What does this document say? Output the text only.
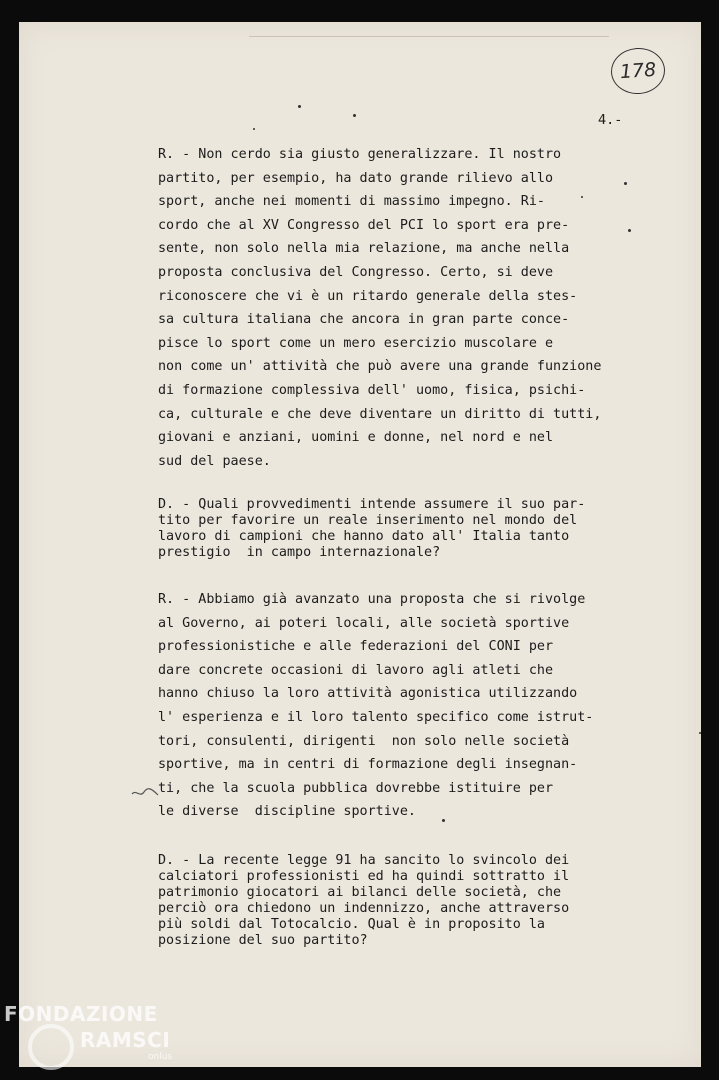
178
4.-

R. - Non cerdo sia giusto generalizzare. Il nostro
partito, per esempio, ha dato grande rilievo allo
sport, anche nei momenti di massimo impegno. Ri-
cordo che al XV Congresso del PCI lo sport era pre-
sente, non solo nella mia relazione, ma anche nella
proposta conclusiva del Congresso. Certo, si deve
riconoscere che vi è un ritardo generale della stes-
sa cultura italiana che ancora in gran parte conce-
pisce lo sport come un mero esercizio muscolare e
non come un' attività che può avere una grande funzione
di formazione complessiva dell' uomo, fisica, psichi-
ca, culturale e che deve diventare un diritto di tutti,
giovani e anziani, uomini e donne, nel nord e nel
sud del paese.

D. - Quali provvedimenti intende assumere il suo par-
tito per favorire un reale inserimento nel mondo del
lavoro di campioni che hanno dato all' Italia tanto
prestigio  in campo internazionale?

R. - Abbiamo già avanzato una proposta che si rivolge
al Governo, ai poteri locali, alle società sportive
professionistiche e alle federazioni del CONI per
dare concrete occasioni di lavoro agli atleti che
hanno chiuso la loro attività agonistica utilizzando
l' esperienza e il loro talento specifico come istrut-
tori, consulenti, dirigenti  non solo nelle società
sportive, ma in centri di formazione degli insegnan-
ti, che la scuola pubblica dovrebbe istituire per
le diverse  discipline sportive.

D. - La recente legge 91 ha sancito lo svincolo dei
calciatori professionisti ed ha quindi sottratto il
patrimonio giocatori ai bilanci delle società, che
perciò ora chiedono un indennizzo, anche attraverso
più soldi dal Totocalcio. Qual è in proposito la
posizione del suo partito?

FONDAZIONE
RAMSCI
onlus
